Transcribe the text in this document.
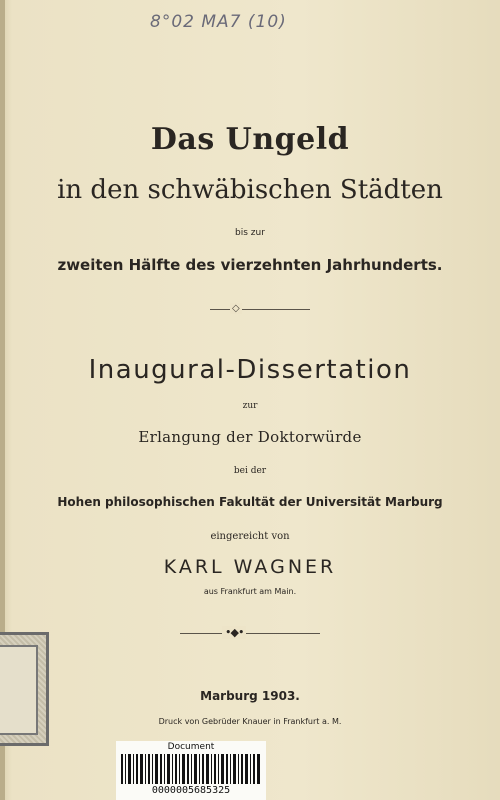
8°02 MA7 (10)
Das Ungeld
in den schwäbischen Städten
bis zur
zweiten Hälfte des vierzehnten Jahrhunderts.
◇
Inaugural-Dissertation
zur
Erlangung der Doktorwürde
bei der
Hohen philosophischen Fakultät der Universität Marburg
eingereicht von
KARL WAGNER
aus Frankfurt am Main.
•◆•
Marburg 1903.
Druck von Gebrüder Knauer in Frankfurt a. M.
Document
0000005685325
